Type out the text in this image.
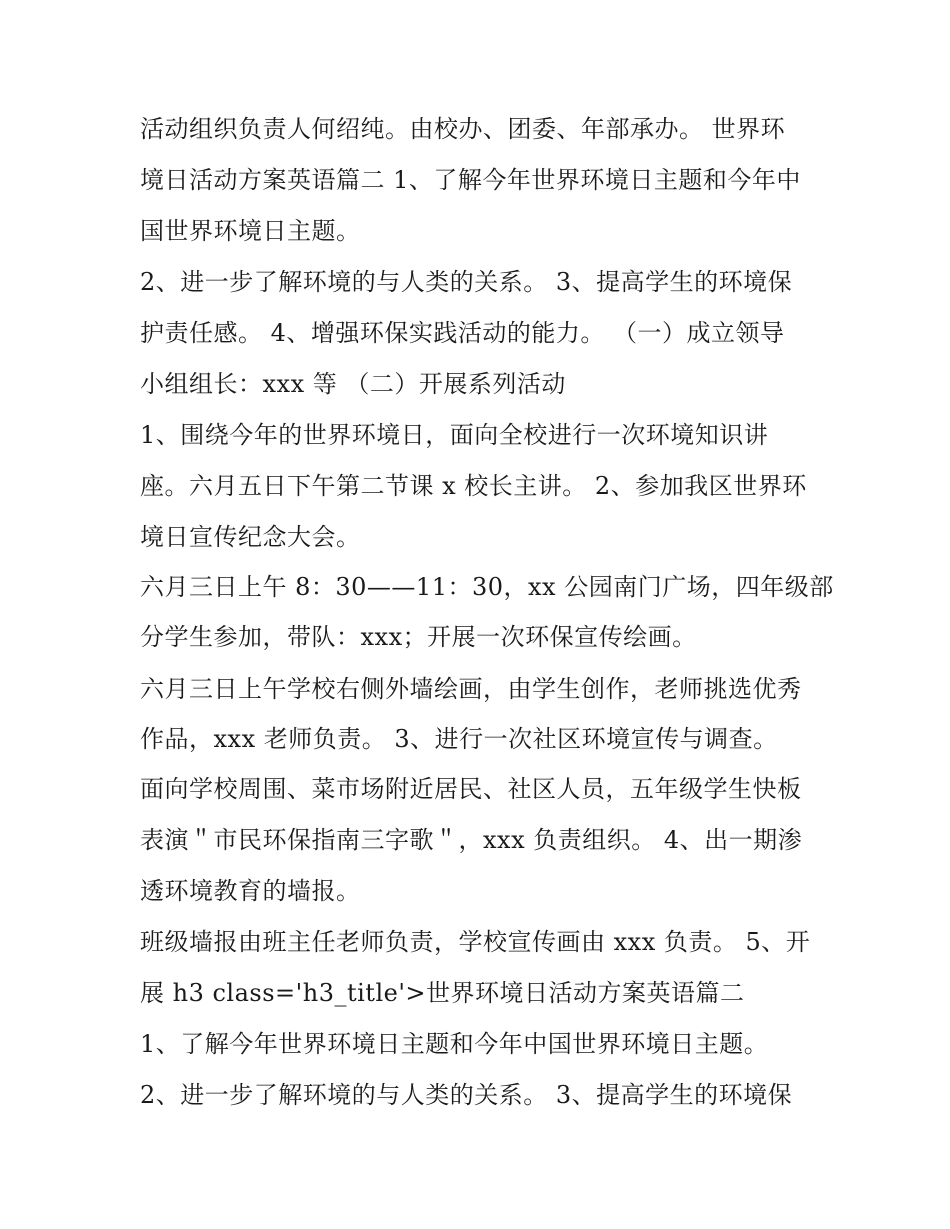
活动组织负责人何绍纯。由校办、团委、年部承办。 世界环
境日活动方案英语篇二 1、了解今年世界环境日主题和今年中
国世界环境日主题。
2、进一步了解环境的与人类的关系。 3、提高学生的环境保
护责任感。 4、增强环保实践活动的能力。 （一）成立领导
小组组长：xxx 等 （二）开展系列活动
1、围绕今年的世界环境日，面向全校进行一次环境知识讲
座。六月五日下午第二节课 x 校长主讲。 2、参加我区世界环
境日宣传纪念大会。
六月三日上午 8：30——11：30，xx 公园南门广场，四年级部
分学生参加，带队：xxx；开展一次环保宣传绘画。
六月三日上午学校右侧外墙绘画，由学生创作，老师挑选优秀
作品，xxx 老师负责。 3、进行一次社区环境宣传与调查。
面向学校周围、菜市场附近居民、社区人员，五年级学生快板
表演＂市民环保指南三字歌＂，xxx 负责组织。 4、出一期渗
透环境教育的墙报。
班级墙报由班主任老师负责，学校宣传画由 xxx 负责。 5、开
展 h3 class='h3_title'>世界环境日活动方案英语篇二
1、了解今年世界环境日主题和今年中国世界环境日主题。
2、进一步了解环境的与人类的关系。 3、提高学生的环境保
